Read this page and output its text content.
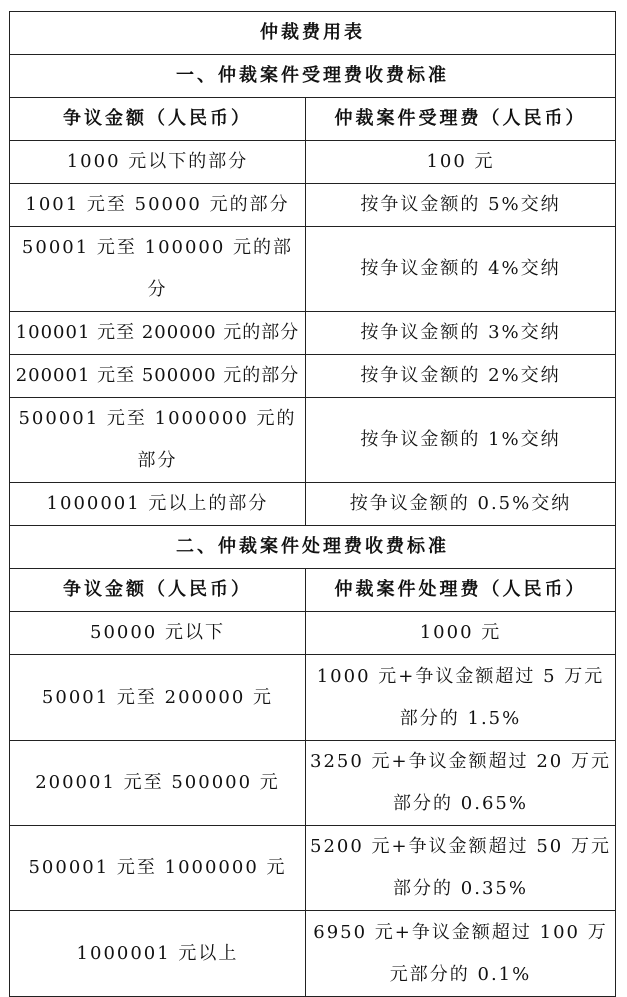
仲裁费用表	
一、仲裁案件受理费收费标准	
争议金额（人民币）	仲裁案件受理费（人民币）
1000 元以下的部分	100 元
1001 元至 50000 元的部分	按争议金额的 5%交纳
50001 元至 100000 元的部分	按争议金额的 4%交纳
100001 元至 200000 元的部分	按争议金额的 3%交纳
200001 元至 500000 元的部分	按争议金额的 2%交纳
500001 元至 1000000 元的部分	按争议金额的 1%交纳
1000001 元以上的部分	按争议金额的 0.5%交纳
二、仲裁案件处理费收费标准	
争议金额（人民币）	仲裁案件处理费（人民币）
50000 元以下	1000 元
50001 元至 200000 元	1000 元+争议金额超过 5 万元部分的 1.5%
200001 元至 500000 元	3250 元+争议金额超过 20 万元部分的 0.65%
500001 元至 1000000 元	5200 元+争议金额超过 50 万元部分的 0.35%
1000001 元以上	6950 元+争议金额超过 100 万元部分的 0.1%
